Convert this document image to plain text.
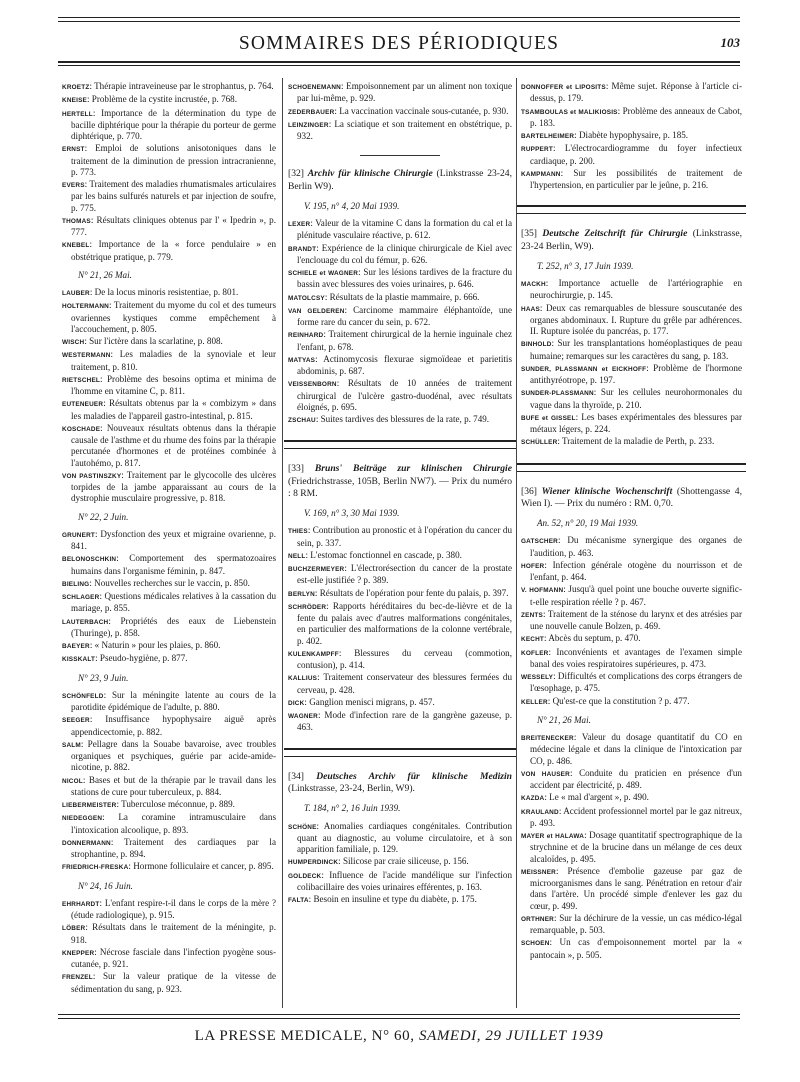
SOMMAIRES DES PÉRIODIQUES	103
KROETZ: Thérapie intraveineuse par le strophantus, p. 764.
KNEISE: Problème de la cystite incrustée, p. 768.
HERTELL: Importance de la détermination du type de bacille diphtérique pour la thérapie du porteur de germe diphtérique, p. 770.
ERNST: Emploi de solutions anisotoniques dans le traitement de la diminution de pression intracranienne, p. 773.
EVERS: Traitement des maladies rhumatismales articulaires par les bains sulfurés naturels et par injection de soufre, p. 775.
THOMAS: Résultats cliniques obtenus par l' « Ipedrin », p. 777.
KNEBEL: Importance de la « force pendulaire » en obstétrique pratique, p. 779.
N° 21, 26 Mai.
LAUBER: De la locus minoris resistentiae, p. 801.
HOLTERMANN: Traitement du myome du col et des tumeurs ovariennes kystiques comme empêchement à l'accouchement, p. 805.
WISCH: Sur l'ictère dans la scarlatine, p. 808.
WESTERMANN: Les maladies de la synoviale et leur traitement, p. 810.
RIETSCHEL: Problème des besoins optima et minima de l'homme en vitamine C, p. 811.
EUTENEUER: Résultats obtenus par la « combizym » dans les maladies de l'appareil gastro-intestinal, p. 815.
KOSCHADE: Nouveaux résultats obtenus dans la thérapie causale de l'asthme et du rhume des foins par la thérapie percutanée d'hormones et de protéines combinée à l'autohémo, p. 817.
VON PASTINSZKY: Traitement par le glycocolle des ulcères torpides de la jambe apparaissant au cours de la dystrophie musculaire progressive, p. 818.
N° 22, 2 Juin.
GRUNERT: Dysfonction des yeux et migraine ovarienne, p. 841.
BELONOSCHKIN: Comportement des spermatozoaires humains dans l'organisme féminin, p. 847.
BIELING: Nouvelles recherches sur le vaccin, p. 850.
SCHLAGER: Questions médicales relatives à la cassation du mariage, p. 855.
LAUTERBACH: Propriétés des eaux de Liebenstein (Thuringe), p. 858.
BAEYER: « Naturin » pour les plaies, p. 860.
KISSKALT: Pseudo-hygiène, p. 877.
N° 23, 9 Juin.
SCHÖNFELD: Sur la méningite latente au cours de la parotidite épidémique de l'adulte, p. 880.
SEEGER: Insuffisance hypophysaire aiguë après appendicectomie, p. 882.
SALM: Pellagre dans la Souabe bavaroise, avec troubles organiques et psychiques, guérie par acide-amide-nicotine, p. 882.
NICOL: Bases et but de la thérapie par le travail dans les stations de cure pour tuberculeux, p. 884.
LIEBERMEISTER: Tuberculose méconnue, p. 889.
NIEDEGGEN: La coramine intramusculaire dans l'intoxication alcoolique, p. 893.
DONNERMANN: Traitement des cardiaques par la strophantine, p. 894.
FRIEDRICH-FRESKA: Hormone folliculaire et cancer, p. 895.
N° 24, 16 Juin.
EHRHARDT: L'enfant respire-t-il dans le corps de la mère ? (étude radiologique), p. 915.
LÖBER: Résultats dans le traitement de la méningite, p. 918.
KNEPPER: Nécrose fasciale dans l'infection pyogène sous-cutanée, p. 921.
FRENZEL: Sur la valeur pratique de la vitesse de sédimentation du sang, p. 923.
SCHOENEMANN: Empoisonnement par un aliment non toxique par lui-même, p. 929.
ZEDERBAUER: La vaccination vaccinale sous-cutanée, p. 930.
LEINZINGER: La sciatique et son traitement en obstétrique, p. 932.
[32] Archiv für klinische Chirurgie (Linkstrasse 23-24, Berlin W9).
V. 195, n° 4, 20 Mai 1939.
LEXER: Valeur de la vitamine C dans la formation du cal et la plénitude vasculaire réactive, p. 612.
BRANDT: Expérience de la clinique chirurgicale de Kiel avec l'enclouage du col du fémur, p. 626.
SCHIELE et WAGNER: Sur les lésions tardives de la fracture du bassin avec blessures des voies urinaires, p. 646.
MATOLCSY: Résultats de la plastie mammaire, p. 666.
VAN GELDEREN: Carcinome mammaire éléphantoïde, une forme rare du cancer du sein, p. 672.
REINHARD: Traitement chirurgical de la hernie inguinale chez l'enfant, p. 678.
MATYAS: Actinomycosis flexurae sigmoïdeae et parietitis abdominis, p. 687.
VEISSENBORN: Résultats de 10 années de traitement chirurgical de l'ulcère gastro-duodénal, avec résultats éloignés, p. 695.
ZSCHAU: Suites tardives des blessures de la rate, p. 749.
[33] Bruns' Beiträge zur klinischen Chirurgie (Friedrichstrasse, 105B, Berlin NW7). — Prix du numéro : 8 RM.
V. 169, n° 3, 30 Mai 1939.
THIES: Contribution au pronostic et à l'opération du cancer du sein, p. 337.
NELL: L'estomac fonctionnel en cascade, p. 380.
BUCHZERMEYER: L'électrorésection du cancer de la prostate est-elle justifiée ? p. 389.
BERLYN: Résultats de l'opération pour fente du palais, p. 397.
SCHRÖDER: Rapports héréditaires du bec-de-lièvre et de la fente du palais avec d'autres malformations congénitales, en particulier des malformations de la colonne vertébrale, p. 402.
KULENKAMPFF: Blessures du cerveau (commotion, contusion), p. 414.
KALLIUS: Traitement conservateur des blessures fermées du cerveau, p. 428.
DICK: Ganglion menisci migrans, p. 457.
WAGNER: Mode d'infection rare de la gangrène gazeuse, p. 463.
[34] Deutsches Archiv für klinische Medizin (Linkstrasse, 23-24, Berlin, W9).
T. 184, n° 2, 16 Juin 1939.
SCHÖNE: Anomalies cardiaques congénitales. Contribution quant au diagnostic, au volume circulatoire, et à son apparition familiale, p. 129.
HUMPERDINCK: Silicose par craie siliceuse, p. 156.
GOLDECK: Influence de l'acide mandélique sur l'infection colibacillaire des voies urinaires efférentes, p. 163.
FALTA: Besoin en insuline et type du diabète, p. 175.
DONNOFFER et LIPOSITS: Même sujet. Réponse à l'article ci-dessus, p. 179.
TSAMBOULAS et MALIKIOSIS: Problème des anneaux de Cabot, p. 183.
BARTELHEIMER: Diabète hypophysaire, p. 185.
RUPPERT: L'électrocardiogramme du foyer infectieux cardiaque, p. 200.
KAMPMANN: Sur les possibilités de traitement de l'hypertension, en particulier par le jeûne, p. 216.
[35] Deutsche Zeitschrift für Chirurgie (Linkstrasse, 23-24 Berlin, W9).
T. 252, n° 3, 17 Juin 1939.
MACKH: Importance actuelle de l'artériographie en neurochirurgie, p. 145.
HAAS: Deux cas remarquables de blessure souscutanée des organes abdominaux. I. Rupture du grêle par adhérences. II. Rupture isolée du pancréas, p. 177.
BINHOLD: Sur les transplantations homéoplastiques de peau humaine; remarques sur les caractères du sang, p. 183.
SUNDER, PLASSMANN et EICKHOFF: Problème de l'hormone antithyréotrope, p. 197.
SUNDER-PLASSMANN: Sur les cellules neurohormonales du vague dans la thyroïde, p. 210.
BUFE et GISSEL: Les bases expérimentales des blessures par métaux légers, p. 224.
SCHÜLLER: Traitement de la maladie de Perth, p. 233.
[36] Wiener klinische Wochenschrift (Shottengasse 4, Wien I). — Prix du numéro : RM. 0,70.
An. 52, n° 20, 19 Mai 1939.
GATSCHER: Du mécanisme synergique des organes de l'audition, p. 463.
HOFER: Infection générale otogène du nourrisson et de l'enfant, p. 464.
V. HOFMANN: Jusqu'à quel point une bouche ouverte signific-t-elle respiration réelle ? p. 467.
ZENTS: Traitement de la sténose du larynx et des atrésies par une nouvelle canule Bolzen, p. 469.
KECHT: Abcès du septum, p. 470.
KOFLER: Inconvénients et avantages de l'examen simple banal des voies respiratoires supérieures, p. 473.
WESSELY: Difficultés et complications des corps étrangers de l'œsophage, p. 475.
KELLER: Qu'est-ce que la constitution ? p. 477.
N° 21, 26 Mai.
BREITENECKER: Valeur du dosage quantitatif du CO en médecine légale et dans la clinique de l'intoxication par CO, p. 486.
VON HAUSER: Conduite du praticien en présence d'un accident par électricité, p. 489.
KAZDA: Le « mal d'argent », p. 490.
KRAULAND: Accident professionnel mortel par le gaz nitreux, p. 493.
MAYER et HALAWA: Dosage quantitatif spectrographique de la strychnine et de la brucine dans un mélange de ces deux alcaloïdes, p. 495.
MEISSNER: Présence d'embolie gazeuse par gaz de microorganismes dans le sang. Pénétration en retour d'air dans l'artère. Un procédé simple d'enlever les gaz du cœur, p. 499.
ORTHNER: Sur la déchirure de la vessie, un cas médico-légal remarquable, p. 503.
SCHOEN: Un cas d'empoisonnement mortel par la « pantocain », p. 505.
LA PRESSE MEDICALE, N° 60, SAMEDI, 29 JUILLET 1939
